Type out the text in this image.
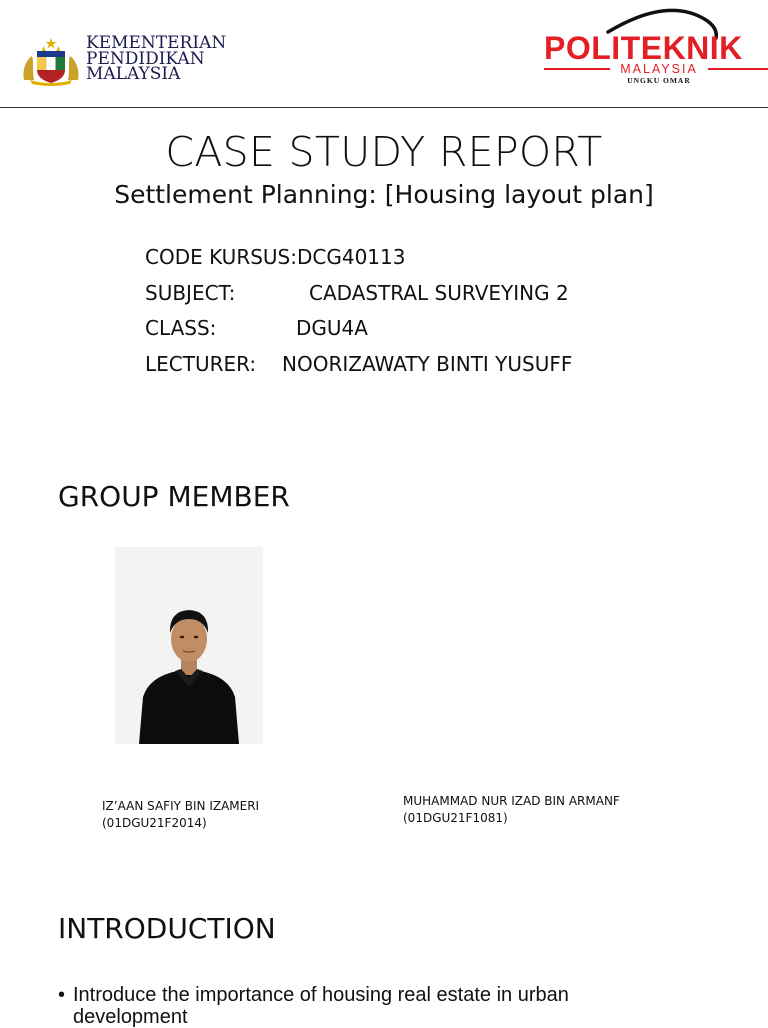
KEMENTERIAN
PENDIDIKAN
MALAYSIA
POLITEKNIK
MALAYSIA
UNGKU OMAR
CASE STUDY REPORT
Settlement Planning: [Housing layout plan]
CODE KURSUS:DCG40113
SUBJECT:	CADASTRAL SURVEYING 2
CLASS:	DGU4A
LECTURER: NOORIZAWATY BINTI YUSUFF
GROUP MEMBER
IZ’AAN SAFIY BIN IZAMERI
(01DGU21F2014)
MUHAMMAD NUR IZAD BIN ARMANF
(01DGU21F1081)
INTRODUCTION
• Introduce the importance of housing real estate in urban development
